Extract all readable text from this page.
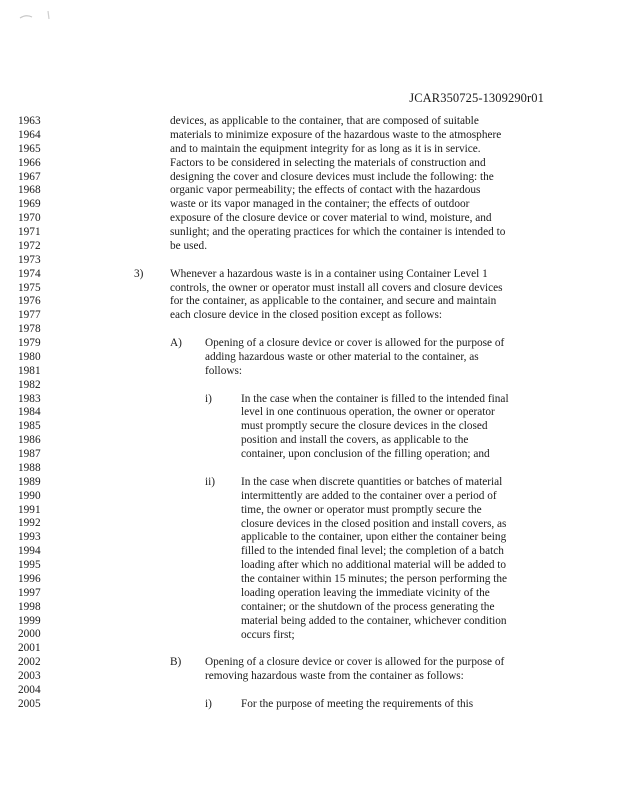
JCAR350725-1309290r01
1963
1964
1965
1966
1967
1968
1969
1970
1971
1972
1973
1974
1975
1976
1977
1978
1979
1980
1981
1982
1983
1984
1985
1986
1987
1988
1989
1990
1991
1992
1993
1994
1995
1996
1997
1998
1999
2000
2001
2002
2003
2004
2005
devices, as applicable to the container, that are composed of suitable
materials to minimize exposure of the hazardous waste to the atmosphere
and to maintain the equipment integrity for as long as it is in service.
Factors to be considered in selecting the materials of construction and
designing the cover and closure devices must include the following: the
organic vapor permeability; the effects of contact with the hazardous
waste or its vapor managed in the container; the effects of outdoor
exposure of the closure device or cover material to wind, moisture, and
sunlight; and the operating practices for which the container is intended to
be used.
3) Whenever a hazardous waste is in a container using Container Level 1
controls, the owner or operator must install all covers and closure devices
for the container, as applicable to the container, and secure and maintain
each closure device in the closed position except as follows:
A) Opening of a closure device or cover is allowed for the purpose of
adding hazardous waste or other material to the container, as
follows:
i)	In the case when the container is filled to the intended final
level in one continuous operation, the owner or operator
must promptly secure the closure devices in the closed
position and install the covers, as applicable to the
container, upon conclusion of the filling operation; and
ii) In the case when discrete quantities or batches of material
intermittently are added to the container over a period of
time, the owner or operator must promptly secure the
closure devices in the closed position and install covers, as
applicable to the container, upon either the container being
filled to the intended final level; the completion of a batch
loading after which no additional material will be added to
the container within 15 minutes; the person performing the
loading operation leaving the immediate vicinity of the
container; or the shutdown of the process generating the
material being added to the container, whichever condition
occurs first;
B) Opening of a closure device or cover is allowed for the purpose of
removing hazardous waste from the container as follows:
i)	For the purpose of meeting the requirements of this
